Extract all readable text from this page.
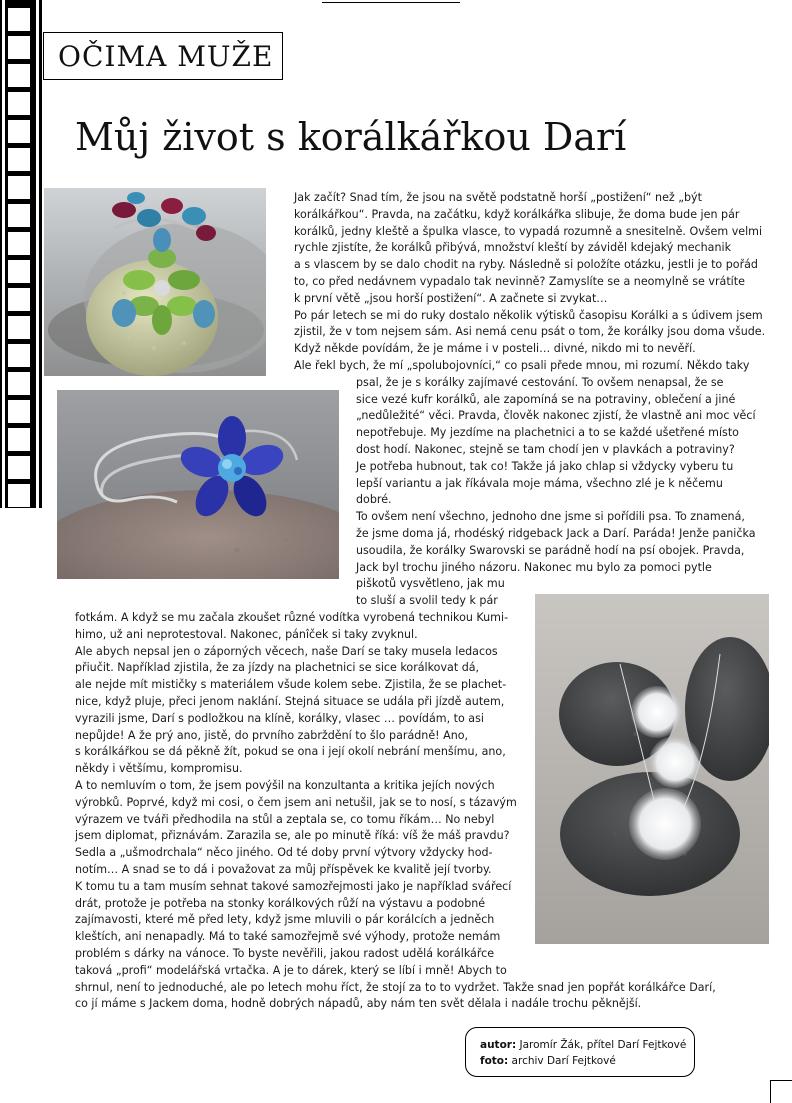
OČIMA MUŽE
Můj život s korálkářkou Darí
Jak začít? Snad tím, že jsou na světě podstatně horší „postižení“ než „být
korálkářkou“. Pravda, na začátku, když korálkářka slibuje, že doma bude jen pár
korálků, jedny kleště a špulka vlasce, to vypadá rozumně a snesitelně. Ovšem velmi
rychle zjistíte, že korálků přibývá, množství kleští by záviděl kdejaký mechanik
a s vlascem by se dalo chodit na ryby. Následně si položíte otázku, jestli je to pořád
to, co před nedávnem vypadalo tak nevinně? Zamyslíte se a neomylně se vrátíte
k první větě „jsou horší postižení“. A začnete si zvykat…
Po pár letech se mi do ruky dostalo několik výtisků časopisu Korálki a s údivem jsem
zjistil, že v tom nejsem sám. Asi nemá cenu psát o tom, že korálky jsou doma všude.
Když někde povídám, že je máme i v posteli… divné, nikdo mi to nevěří.
Ale řekl bych, že mí „spolubojovníci,“ co psali přede mnou, mi rozumí. Někdo taky
psal, že je s korálky zajímavé cestování. To ovšem nenapsal, že se
sice vezé kufr korálků, ale zapomíná se na potraviny, oblečení a jiné
„nedůležité“ věci. Pravda, člověk nakonec zjistí, že vlastně ani moc věcí
nepotřebuje. My jezdíme na plachetnici a to se každé ušetřené místo
dost hodí. Nakonec, stejně se tam chodí jen v plavkách a potraviny?
Je potřeba hubnout, tak co! Takže já jako chlap si vždycky vyberu tu
lepší variantu a jak říkávala moje máma, všechno zlé je k něčemu
dobré.
To ovšem není všechno, jednoho dne jsme si pořídili psa. To znamená,
že jsme doma já, rhodéský ridgeback Jack a Darí. Paráda! Jenže panička
usoudila, že korálky Swarovski se parádně hodí na psí obojek. Pravda,
Jack byl trochu jiného názoru. Nakonec mu bylo za pomoci pytle
piškotů vysvětleno, jak mu
to sluší a svolil tedy k pár
fotkám. A když se mu začala zkoušet různé vodítka vyrobená technikou Kumi-
himo, už ani neprotestoval. Nakonec, pánîček si taky zvyknul.
Ale abych nepsal jen o záporných věcech, naše Darí se taky musela ledacos
přiučit. Například zjistila, že za jízdy na plachetnici se sice korálkovat dá,
ale nejde mít mističky s materiálem všude kolem sebe. Zjistila, že se plachet-
nice, když pluje, přeci jenom naklání. Stejná situace se udála při jízdě autem,
vyrazili jsme, Darí s podložkou na klíně, korálky, vlasec … povídám, to asi
nepůjde! A že prý ano, jistě, do prvního zabrždění to šlo parádně! Ano,
s korálkářkou se dá pěkně žít, pokud se ona i její okolí nebrání menšímu, ano,
někdy i většímu, kompromisu.
A to nemluvím o tom, že jsem povýšil na konzultanta a kritika jejích nových
výrobků. Poprvé, když mi cosi, o čem jsem ani netušil, jak se to nosí, s tázavým
výrazem ve tváři předhodila na stůl a zeptala se, co tomu říkám… No nebyl
jsem diplomat, přiznávám. Zarazila se, ale po minutě říká: víš že máš pravdu?
Sedla a „ušmodrchala“ něco jiného. Od té doby první výtvory vždycky hod-
notím… A snad se to dá i považovat za můj příspěvek ke kvalitě její tvorby.
K tomu tu a tam musím sehnat takové samozřejmosti jako je například svářecí
drát, protože je potřeba na stonky korálkových růží na výstavu a podobné
zajímavosti, které mě před lety, když jsme mluvili o pár korálcích a jedněch
kleštích, ani nenapadly. Má to také samozřejmě své výhody, protože nemám
problém s dárky na vánoce. To byste nevěřili, jakou radost udělá korálkářce
taková „profi“ modelářská vrtačka. A je to dárek, který se líbí i mně! Abych to
shrnul, není to jednoduché, ale po letech mohu říct, že stojí za to to vydržet. Takže snad jen popřát korálkářce Darí,
co jí máme s Jackem doma, hodně dobrých nápadů, aby nám ten svět dělala i nadále trochu pěknější.
autor: Jaromír Žák, přítel Darí Fejtkové
foto: archiv Darí Fejtkové
